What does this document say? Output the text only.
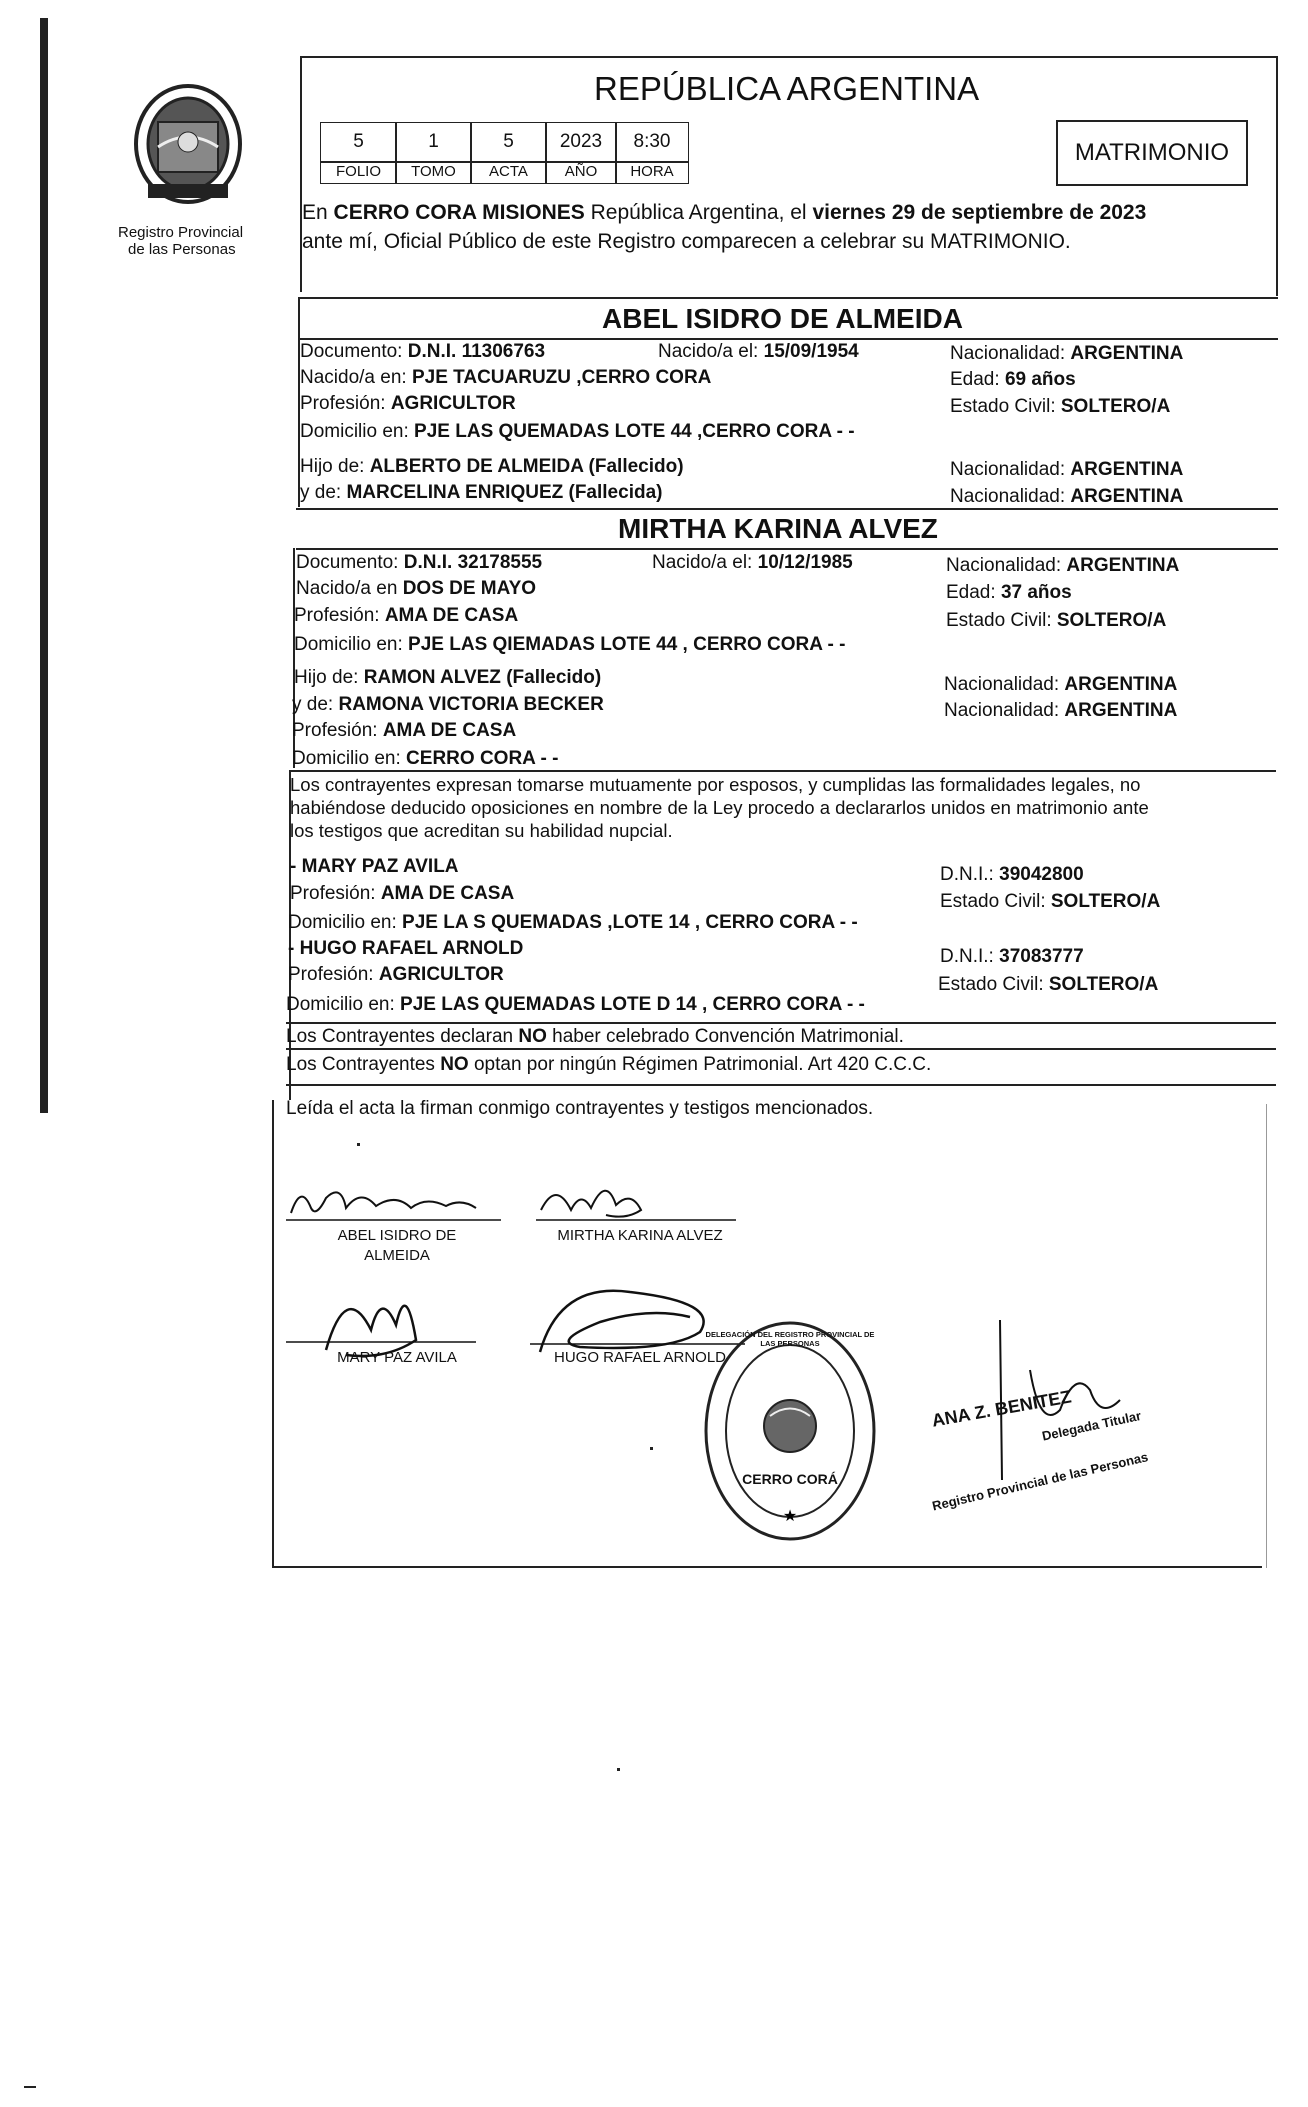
Registro Provincial
de las Personas
REPÚBLICA ARGENTINA
5	1	5	2023	8:30
FOLIO	TOMO	ACTA	AÑO	HORA
MATRIMONIO
En CERRO CORA MISIONES República Argentina, el viernes 29 de septiembre de 2023
ante mí, Oficial Público de este Registro comparecen a celebrar su MATRIMONIO.
ABEL ISIDRO DE ALMEIDA
Documento: D.N.I. 11306763	Nacido/a el: 15/09/1954	Nacionalidad: ARGENTINA
Nacido/a en: PJE TACUARUZU ,CERRO CORA	Edad: 69 años
Profesión: AGRICULTOR	Estado Civil: SOLTERO/A
Domicilio en: PJE LAS QUEMADAS LOTE 44 ,CERRO CORA - -
Hijo de: ALBERTO DE ALMEIDA (Fallecido)	Nacionalidad: ARGENTINA
y de: MARCELINA ENRIQUEZ (Fallecida)	Nacionalidad: ARGENTINA
MIRTHA KARINA ALVEZ
Documento: D.N.I. 32178555	Nacido/a el: 10/12/1985	Nacionalidad: ARGENTINA
Nacido/a en DOS DE MAYO	Edad: 37 años
Profesión: AMA DE CASA	Estado Civil: SOLTERO/A
Domicilio en: PJE LAS QIEMADAS LOTE 44 , CERRO CORA - -
Hijo de: RAMON ALVEZ (Fallecido)	Nacionalidad: ARGENTINA
y de: RAMONA VICTORIA BECKER	Nacionalidad: ARGENTINA
Profesión: AMA DE CASA
Domicilio en: CERRO CORA - -
Los contrayentes expresan tomarse mutuamente por esposos, y cumplidas las formalidades legales, no
habiéndose deducido oposiciones en nombre de la Ley procedo a declararlos unidos en matrimonio ante
los testigos que acreditan su habilidad nupcial.
- MARY PAZ AVILA	D.N.I.: 39042800
Profesión: AMA DE CASA	Estado Civil: SOLTERO/A
Domicilio en: PJE LA S QUEMADAS ,LOTE 14 , CERRO CORA - -
- HUGO RAFAEL ARNOLD	D.N.I.: 37083777
Profesión: AGRICULTOR	Estado Civil: SOLTERO/A
Domicilio en: PJE LAS QUEMADAS LOTE D 14 , CERRO CORA - -
Los Contrayentes declaran NO haber celebrado Convención Matrimonial.
Los Contrayentes NO optan por ningún Régimen Patrimonial. Art 420 C.C.C.
Leída el acta la firman conmigo contrayentes y testigos mencionados.
ABEL ISIDRO DE
ALMEIDA
MIRTHA KARINA ALVEZ
MARY PAZ AVILA	HUGO RAFAEL ARNOLD
★
DELEGACIÓN DEL REGISTRO PROVINCIAL DE LAS PERSONAS
CERRO CORÁ
ANA Z. BENITEZ
Delegada Titular
Registro Provincial de las Personas
